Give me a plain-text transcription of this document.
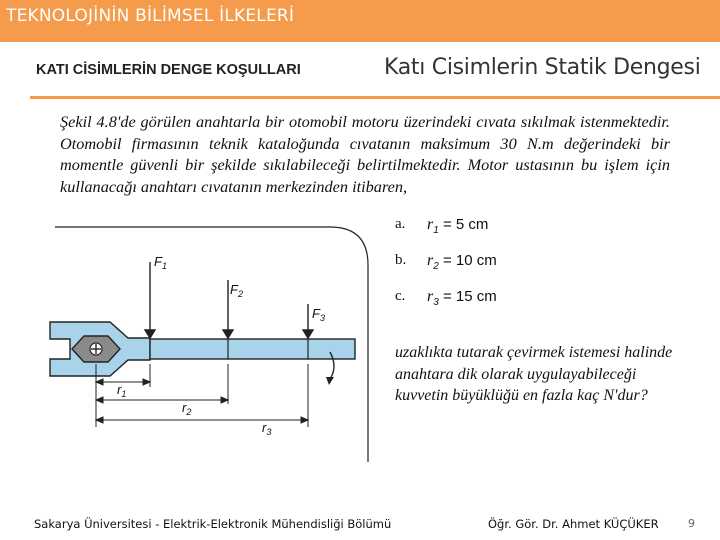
TEKNOLOJİNİN BİLİMSEL İLKELERİ
KATI CİSİMLERİN DENGE KOŞULLARI	Katı Cisimlerin Statik Dengesi
Şekil 4.8'de görülen anahtarla bir otomobil motoru üzerindeki cıvata sıkılmak istenmektedir. Otomobil firmasının teknik kataloğunda cıvatanın maksimum 30 N.m değerindeki bir momentle güvenli bir şekilde sıkılabileceği belirtilmektedir. Motor ustasının bu işlem için kullanacağı anahtarı cıvatanın merkezinden itibaren,
$F_1$
$F_2$
$F_3$
$r_1$
$r_2$
$r_3$
a. $r_1 = 5$ cm
b. $r_2 = 10$ cm
c. $r_3 = 15$ cm
uzaklıkta tutarak çevirmek istemesi halinde anahtara dik olarak uygulayabileceği kuvvetin büyüklüğü en fazla kaç N'dur?
Sakarya Üniversitesi - Elektrik-Elektronik Mühendisliği Bölümü	Öğr. Gör. Dr. Ahmet KÜÇÜKER	9
